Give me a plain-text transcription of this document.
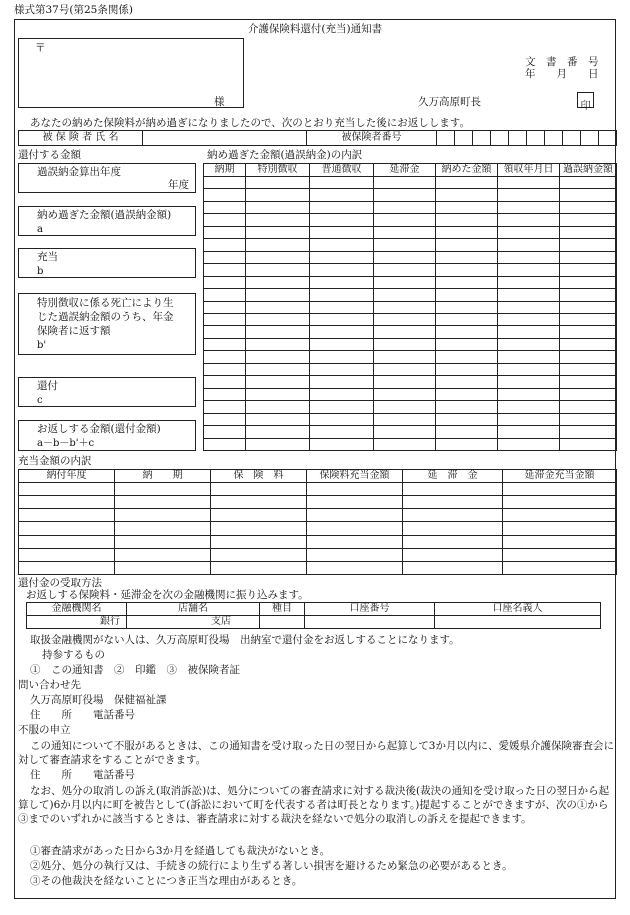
様式第37号(第25条関係)
介護保険料還付(充当)通知書
〒
様
文　書　番　号
年　　月　　日
久万高原町長	印
あなたの納めた保険料が納め過ぎになりましたので、次のとおり充当した後にお返しします。
被 保 険 者 氏 名		被保険者番号										
還付する金額	納め過ぎた金額(過誤納金)の内訳
過誤納金算出年度
年度
納め過ぎた金額(過誤納金額)
a
充当
b
特別徴収に係る死亡により生
じた過誤納金額のうち、年金
保険者に返す額
b'
還付
c
お返しする金額(還付金額)
a－b－b'＋c
納期	特別徴収	普通徴収	延滞金	納めた金額	領収年月日	過誤納金額

充当金額の内訳
納付年度	納　　期	保　険　料	保険料充当金額	延　滞　金	延滞金充当金額

還付金の受取方法
お返しする保険料・延滞金を次の金融機関に振り込みます。
金融機関名	店舗名	種目	口座番号	口座名義人
銀行	支店			
取扱金融機関がない人は、久万高原町役場　出納室で還付金をお返しすることになります。
持参するもの
①　この通知書　②　印鑑　③　被保険者証
問い合わせ先
久万高原町役場　保健福祉課
住　　所　　電話番号
不服の申立
この通知について不服があるときは、この通知書を受け取った日の翌日から起算して3か月以内に、愛媛県介護保険審査会に対して審査請求をすることができます。
住　　所　　電話番号
なお、処分の取消しの訴え(取消訴訟)は、処分についての審査請求に対する裁決後(裁決の通知を受け取った日の翌日から起算して)6か月以内に町を被告として(訴訟において町を代表する者は町長となります。)提起することができますが、次の①から③までのいずれかに該当するときは、審査請求に対する裁決を経ないで処分の取消しの訴えを提起できます。
①審査請求があった日から3か月を経過しても裁決がないとき。
②処分、処分の執行又は、手続きの続行により生ずる著しい損害を避けるため緊急の必要があるとき。
③その他裁決を経ないことにつき正当な理由があるとき。
